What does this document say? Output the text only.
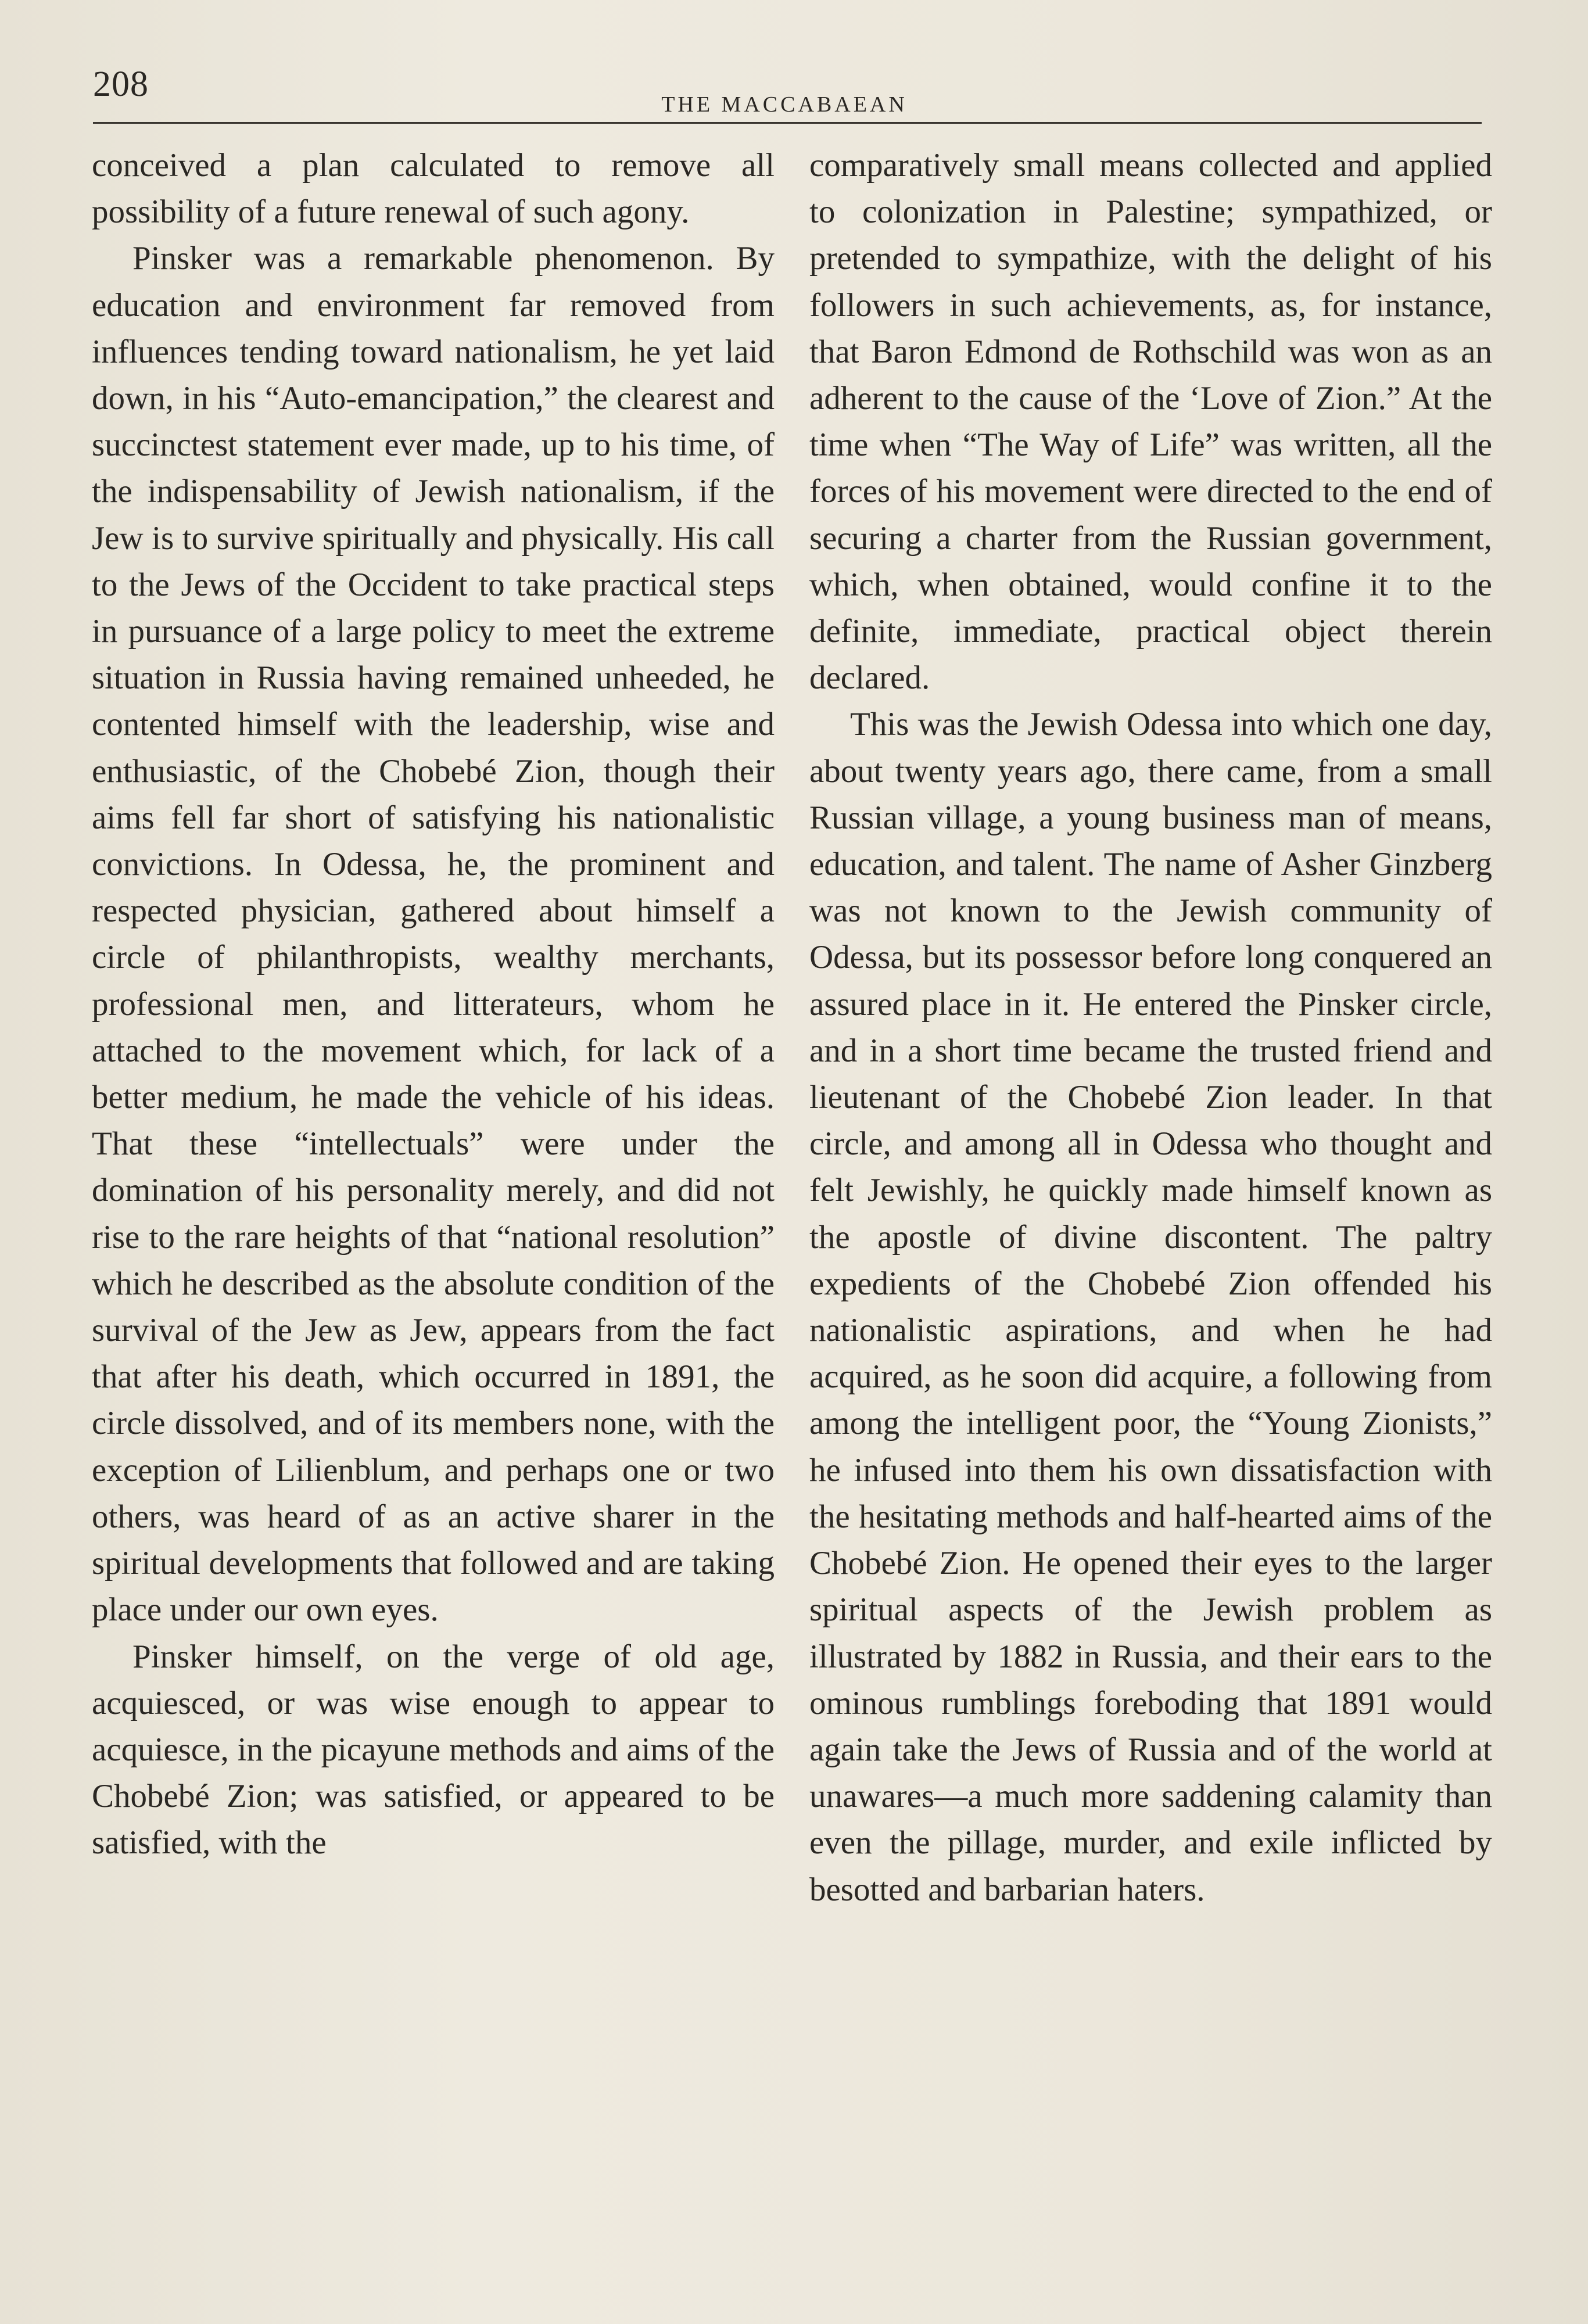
208
THE MACCABAEAN

conceived a plan calculated to remove all possibility of a future renewal of such agony.

Pinsker was a remarkable phenomenon. By education and environment far removed from influences tending toward nationalism, he yet laid down, in his “Auto-emancipation,” the clearest and succinctest statement ever made, up to his time, of the indispensability of Jewish nationalism, if the Jew is to survive spiritually and physically. His call to the Jews of the Occident to take practical steps in pursuance of a large policy to meet the extreme situation in Russia having remained unheeded, he contented himself with the leadership, wise and enthusiastic, of the Chobebé Zion, though their aims fell far short of satisfying his nationalistic convictions. In Odessa, he, the prominent and respected physician, gathered about himself a circle of philanthropists, wealthy merchants, professional men, and litterateurs, whom he attached to the movement which, for lack of a better medium, he made the vehicle of his ideas. That these “intellectuals” were under the domination of his personality merely, and did not rise to the rare heights of that “national resolution” which he described as the absolute condition of the survival of the Jew as Jew, appears from the fact that after his death, which occurred in 1891, the circle dissolved, and of its members none, with the exception of Lilienblum, and perhaps one or two others, was heard of as an active sharer in the spiritual developments that followed and are taking place under our own eyes.

Pinsker himself, on the verge of old age, acquiesced, or was wise enough to appear to acquiesce, in the picayune methods and aims of the Chobebé Zion; was satisfied, or appeared to be satisfied, with the

comparatively small means collected and applied to colonization in Palestine; sympathized, or pretended to sympathize, with the delight of his followers in such achievements, as, for instance, that Baron Edmond de Rothschild was won as an adherent to the cause of the ‘Love of Zion.” At the time when “The Way of Life” was written, all the forces of his movement were directed to the end of securing a charter from the Russian government, which, when obtained, would confine it to the definite, immediate, practical object therein declared.

This was the Jewish Odessa into which one day, about twenty years ago, there came, from a small Russian village, a young business man of means, education, and talent. The name of Asher Ginzberg was not known to the Jewish community of Odessa, but its possessor before long conquered an assured place in it. He entered the Pinsker circle, and in a short time became the trusted friend and lieutenant of the Chobebé Zion leader. In that circle, and among all in Odessa who thought and felt Jewishly, he quickly made himself known as the apostle of divine discontent. The paltry expedients of the Chobebé Zion offended his nationalistic aspirations, and when he had acquired, as he soon did acquire, a following from among the intelligent poor, the “Young Zionists,” he infused into them his own dissatisfaction with the hesitating methods and half-hearted aims of the Chobebé Zion. He opened their eyes to the larger spiritual aspects of the Jewish problem as illustrated by 1882 in Russia, and their ears to the ominous rumblings foreboding that 1891 would again take the Jews of Russia and of the world at unawares—a much more saddening calamity than even the pillage, murder, and exile inflicted by besotted and barbarian haters.
